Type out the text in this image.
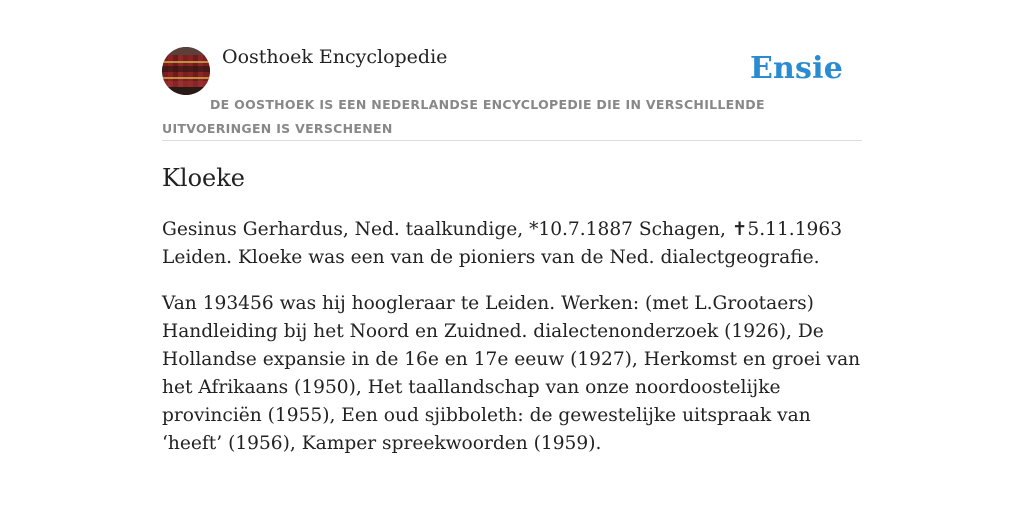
Oosthoek Encyclopedie	Ensie
DE OOSTHOEK IS EEN NEDERLANDSE ENCYCLOPEDIE DIE IN VERSCHILLENDE UITVOERINGEN IS VERSCHENEN
Kloeke

Gesinus Gerhardus, Ned. taalkundige, *10.7.1887 Schagen, ✝5.11.1963 Leiden. Kloeke was een van de pioniers van de Ned. dialectgeografie.

Van 193456 was hij hoogleraar te Leiden. Werken: (met L.Grootaers) Handleiding bij het Noord en Zuidned. dialectenonderzoek (1926), De Hollandse expansie in de 16e en 17e eeuw (1927), Herkomst en groei van het Afrikaans (1950), Het taallandschap van onze noordoostelijke provinciën (1955), Een oud sjibboleth: de gewestelijke uitspraak van ‘heeft’ (1956), Kamper spreekwoorden (1959).
